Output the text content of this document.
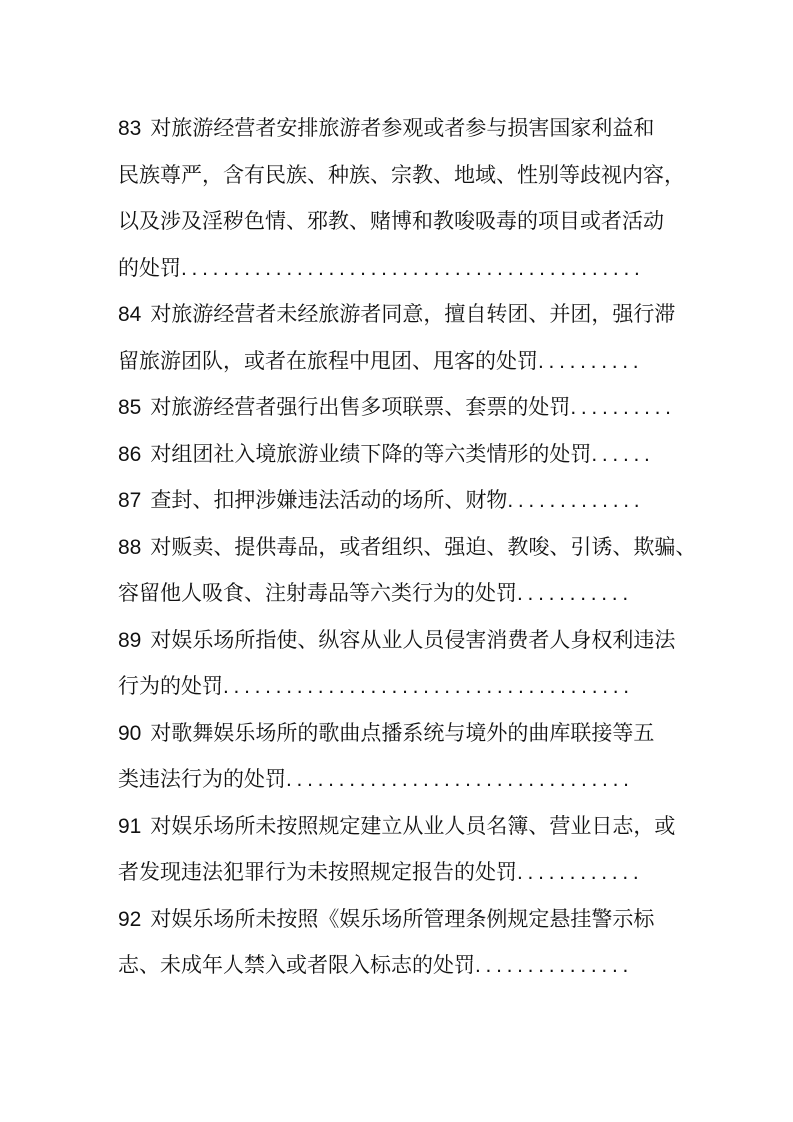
83 对旅游经营者安排旅游者参观或者参与损害国家利益和
民族尊严，含有民族、种族、宗教、地域、性别等歧视内容，
以及涉及淫秽色情、邪教、赌博和教唆吸毒的项目或者活动
的处罚............................................
84 对旅游经营者未经旅游者同意，擅自转团、并团，强行滞
留旅游团队，或者在旅程中甩团、甩客的处罚..........
85 对旅游经营者强行出售多项联票、套票的处罚..........
86 对组团社入境旅游业绩下降的等六类情形的处罚......
87 查封、扣押涉嫌违法活动的场所、财物.............
88 对贩卖、提供毒品，或者组织、强迫、教唆、引诱、欺骗、
容留他人吸食、注射毒品等六类行为的处罚...........
89 对娱乐场所指使、纵容从业人员侵害消费者人身权利违法
行为的处罚.......................................
90 对歌舞娱乐场所的歌曲点播系统与境外的曲库联接等五
类违法行为的处罚.................................
91 对娱乐场所未按照规定建立从业人员名簿、营业日志，或
者发现违法犯罪行为未按照规定报告的处罚............
92 对娱乐场所未按照《娱乐场所管理条例规定悬挂警示标
志、未成年人禁入或者限入标志的处罚...............
